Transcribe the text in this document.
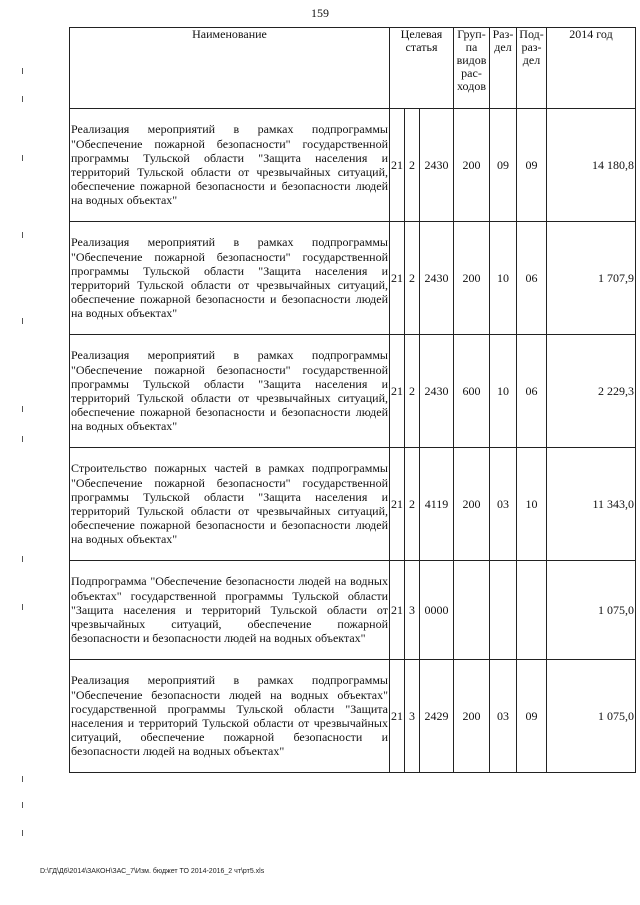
159
Наименование	Целевая статья			Груп-па видов рас-ходов	Раз-дел	Под-раз-дел	2014 год
Реализация мероприятий в рамках подпрограммы "Обеспечение пожарной безопасности" государственной программы Тульской области "Защита населения и территорий Тульской области от чрезвычайных ситуаций, обеспечение пожарной безопасности и безопасности людей на водных объектах"	21	2	2430	200	09	09	14 180,8
Реализация мероприятий в рамках подпрограммы "Обеспечение пожарной безопасности" государственной программы Тульской области "Защита населения и территорий Тульской области от чрезвычайных ситуаций, обеспечение пожарной безопасности и безопасности людей на водных объектах"	21	2	2430	200	10	06	1 707,9
Реализация мероприятий в рамках подпрограммы "Обеспечение пожарной безопасности" государственной программы Тульской области "Защита населения и территорий Тульской области от чрезвычайных ситуаций, обеспечение пожарной безопасности и безопасности людей на водных объектах"	21	2	2430	600	10	06	2 229,3
Строительство пожарных частей в рамках подпрограммы "Обеспечение пожарной безопасности" государственной программы Тульской области "Защита населения и территорий Тульской области от чрезвычайных ситуаций, обеспечение пожарной безопасности и безопасности людей на водных объектах"	21	2	4119	200	03	10	11 343,0
Подпрограмма "Обеспечение безопасности людей на водных объектах" государственной программы Тульской области "Защита населения и территорий Тульской области от чрезвычайных ситуаций, обеспечение пожарной безопасности и безопасности людей на водных объектах"	21	3	0000				1 075,0
Реализация мероприятий в рамках подпрограммы "Обеспечение безопасности людей на водных объектах" государственной программы Тульской области "Защита населения и территорий Тульской области от чрезвычайных ситуаций, обеспечение пожарной безопасности и безопасности людей на водных объектах"	21	3	2429	200	03	09	1 075,0
D:\ГД\Д6\2014\ЗАКОН\ЗАС_7\Изм. бюджет ТО 2014-2016_2 чт\рт5.xls
